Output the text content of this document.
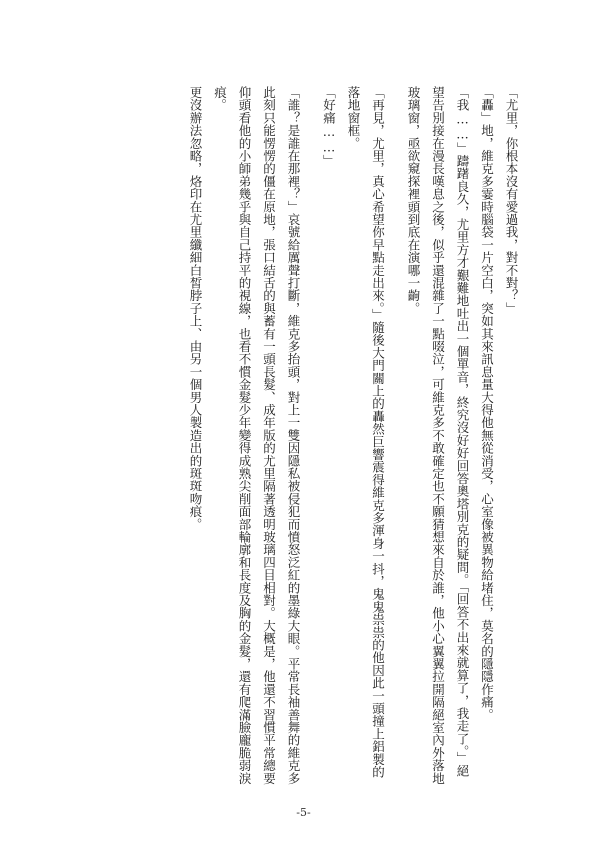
「尤里，你根本沒有愛過我，對不對？」

「轟」地，維克多霎時腦袋一片空白，突如其來訊息量大得他無從消受，心室像被異物給堵住，莫名的隱隱作痛。

「我……」躊躇良久，尤里方才艱難地吐出一個單音，終究沒好好回答奧塔別克的疑問。「回答不出來就算了，我走了。」絕望告別接在漫長嘆息之後，似乎還混雜了一點啜泣，可維克多不敢確定也不願猜想來自於誰，他小心翼翼拉開隔絕室內外落地玻璃窗，亟欲窺探裡頭到底在演哪一齣。

「再見，尤里，真心希望你早點走出來。」隨後大門關上的轟然巨響震得維克多渾身一抖，鬼鬼祟祟的他因此一頭撞上鋁製的落地窗框。

「好痛……」

「誰？是誰在那裡？」哀號給厲聲打斷，維克多抬頭，對上一雙因隱私被侵犯而憤怒泛紅的墨綠大眼。平常長袖善舞的維克多此刻只能愣愣的僵在原地，張口結舌的與蓄有一頭長髮、成年版的尤里隔著透明玻璃四目相對。大概是，他還不習慣平常總要仰頭看他的小師弟幾乎與自己持平的視線，也看不慣金髮少年變得成熟尖削面部輪廓和長度及胸的金髮，還有爬滿臉龐脆弱淚痕。

更沒辦法忽略，烙印在尤里纖細白皙脖子上、由另一個男人製造出的斑斑吻痕。

-5-
